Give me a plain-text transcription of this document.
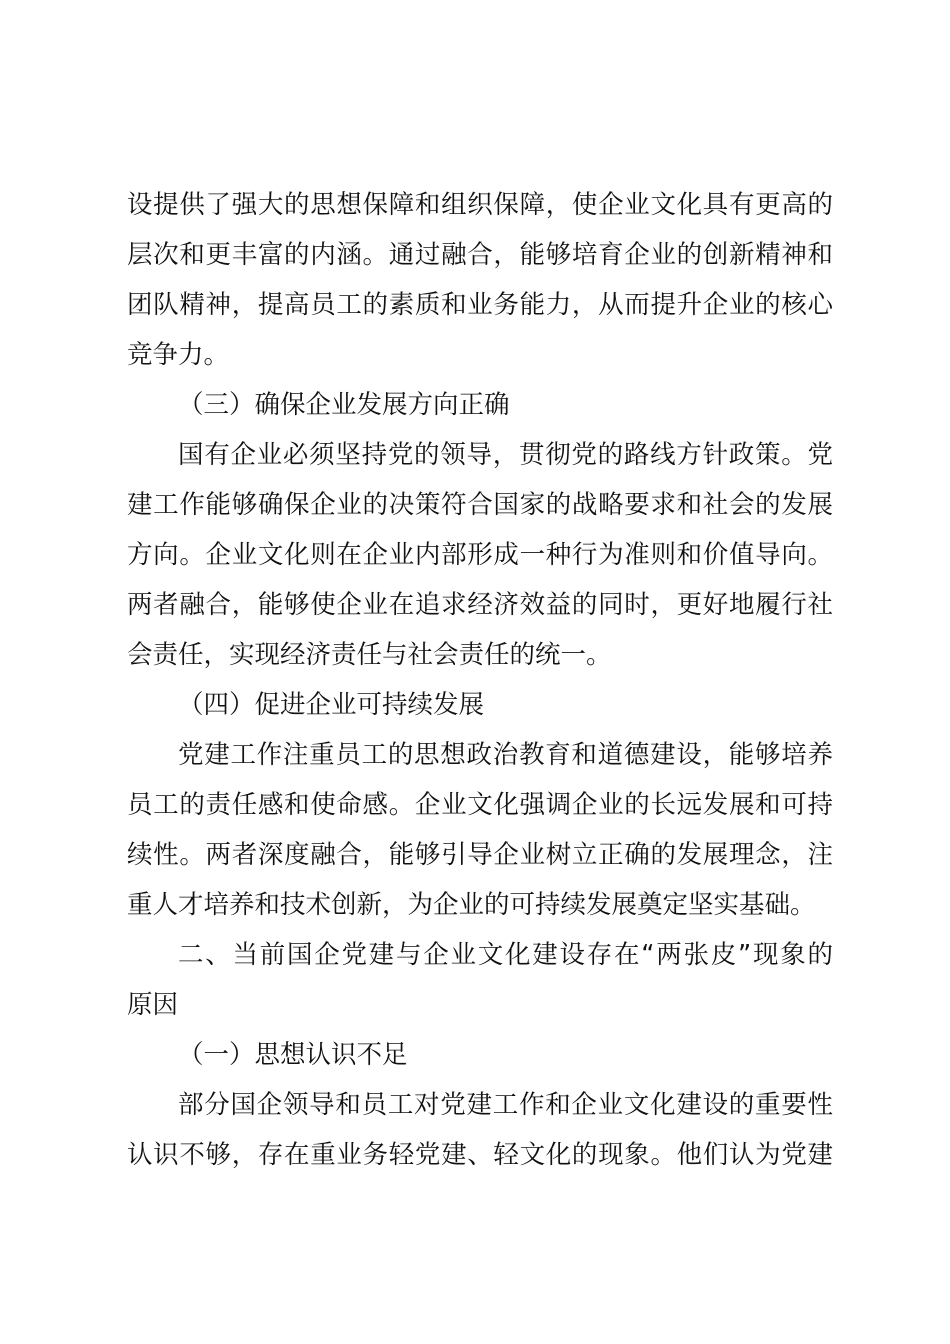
设提供了强大的思想保障和组织保障，使企业文化具有更高的
层次和更丰富的内涵。通过融合，能够培育企业的创新精神和
团队精神，提高员工的素质和业务能力，从而提升企业的核心
竞争力。
（三）确保企业发展方向正确
国有企业必须坚持党的领导，贯彻党的路线方针政策。党
建工作能够确保企业的决策符合国家的战略要求和社会的发展
方向。企业文化则在企业内部形成一种行为准则和价值导向。
两者融合，能够使企业在追求经济效益的同时，更好地履行社
会责任，实现经济责任与社会责任的统一。
（四）促进企业可持续发展
党建工作注重员工的思想政治教育和道德建设，能够培养
员工的责任感和使命感。企业文化强调企业的长远发展和可持
续性。两者深度融合，能够引导企业树立正确的发展理念，注
重人才培养和技术创新，为企业的可持续发展奠定坚实基础。
二、当前国企党建与企业文化建设存在“两张皮”现象的
原因
（一）思想认识不足
部分国企领导和员工对党建工作和企业文化建设的重要性
认识不够，存在重业务轻党建、轻文化的现象。他们认为党建
